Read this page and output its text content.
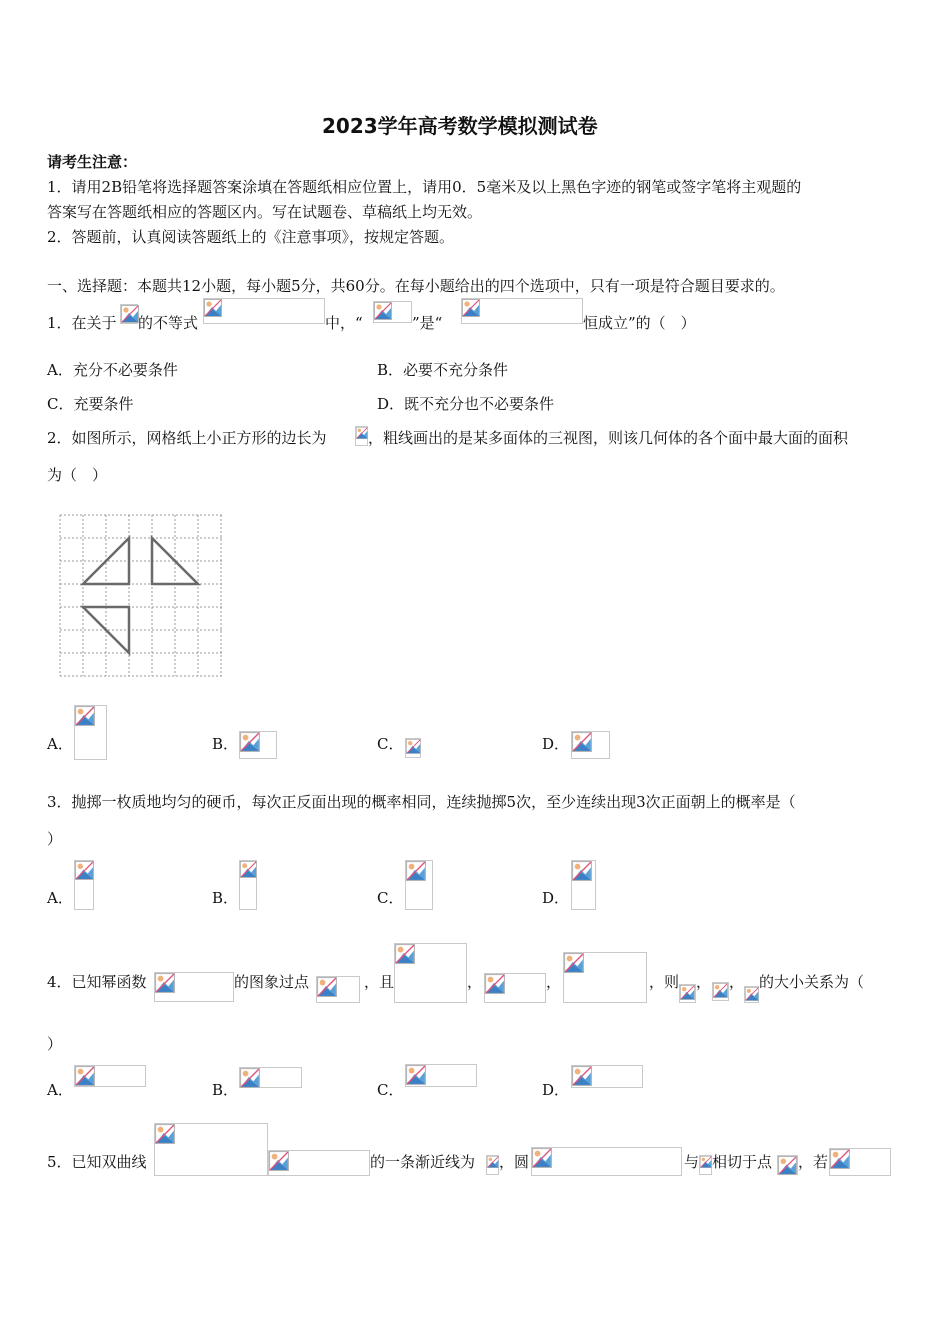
2023学年高考数学模拟测试卷
请考生注意：
1．请用2B铅笔将选择题答案涂填在答题纸相应位置上，请用0．5毫米及以上黑色字迹的钢笔或签字笔将主观题的
答案写在答题纸相应的答题区内。写在试题卷、草稿纸上均无效。
2．答题前，认真阅读答题纸上的《注意事项》，按规定答题。
一、选择题：本题共12小题，每小题5分，共60分。在每小题给出的四个选项中，只有一项是符合题目要求的。
1．在关于 的不等式	中，“	”是“	恒成立”的（　）
A．充分不必要条件	B．必要不充分条件
C．充要条件	D．既不充分也不必要条件
2．如图所示，网格纸上小正方形的边长为	，粗线画出的是某多面体的三视图，则该几何体的各个面中最大面的面积
为（　）
A．	B．	C．	D．
3．抛掷一枚质地均匀的硬币，每次正反面出现的概率相同，连续抛掷5次，至少连续出现3次正面朝上的概率是（
）
A．	B．	C．	D．
4．已知幂函数	的图象过点	，且	，	，	，则 ， ， 的大小关系为（
）
A．	B．	C．	D．
5．已知双曲线	的一条渐近线为 ，圆	与 相切于点 ，若
